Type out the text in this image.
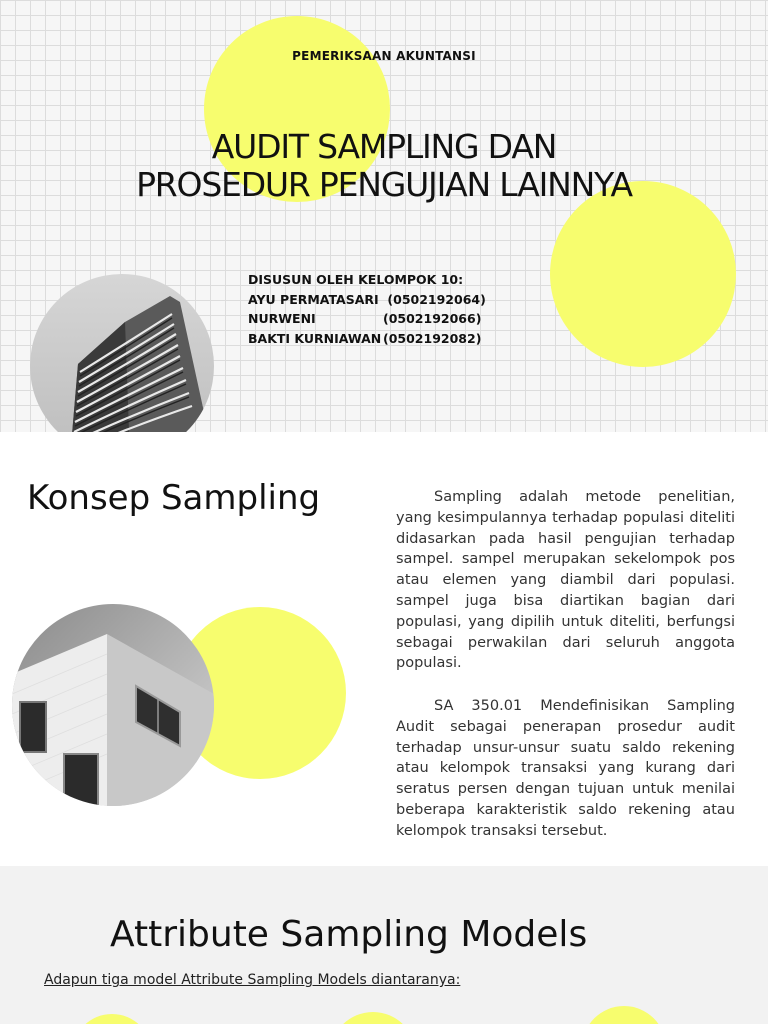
PEMERIKSAAN AKUNTANSI
AUDIT SAMPLING DAN
PROSEDUR PENGUJIAN LAINNYA
DISUSUN OLEH KELOMPOK 10:
AYU PERMATASARI
(0502192064)
NURWENI	(0502192066)
BAKTI KURNIAWAN (0502192082)
Konsep Sampling	Sampling adalah metode penelitian, yang kesimpulannya terhadap populasi diteliti didasarkan pada hasil pengujian terhadap sampel. sampel merupakan sekelompok pos atau elemen yang diambil dari populasi. sampel juga bisa diartikan bagian dari populasi, yang dipilih untuk diteliti, berfungsi sebagai perwakilan dari seluruh anggota populasi.

SA 350.01 Mendefinisikan Sampling Audit sebagai penerapan prosedur audit terhadap unsur-unsur suatu saldo rekening atau kelompok transaksi yang kurang dari seratus persen dengan tujuan untuk menilai beberapa karakteristik saldo rekening atau kelompok transaksi tersebut.

Attribute Sampling Models
Adapun tiga model Attribute Sampling Models diantaranya:
